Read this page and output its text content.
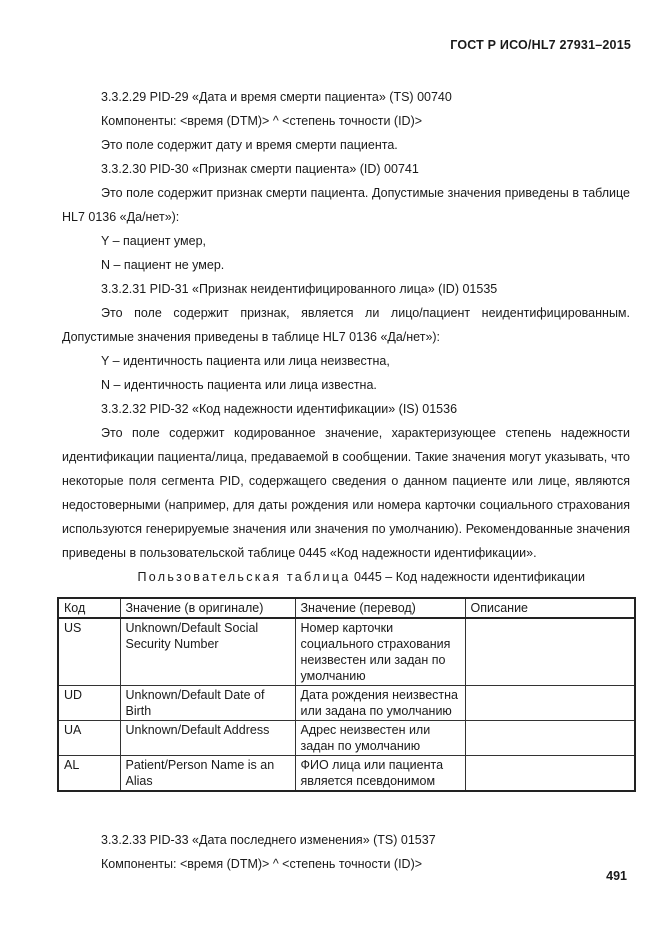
ГОСТ Р ИСО/HL7 27931–2015

3.3.2.29 PID-29 «Дата и время смерти пациента» (TS) 00740

Компоненты: <время (DTM)> ^ <степень точности (ID)>

Это поле содержит дату и время смерти пациента.

3.3.2.30 PID-30 «Признак смерти пациента» (ID) 00741

Это поле содержит признак смерти пациента. Допустимые значения приведены в таблице HL7 0136 «Да/нет»):

Y – пациент умер,

N – пациент не умер.

3.3.2.31 PID-31 «Признак неидентифицированного лица» (ID) 01535

Это поле содержит признак, является ли лицо/пациент неидентифицированным. Допустимые значения приведены в таблице HL7 0136 «Да/нет»):

Y – идентичность пациента или лица неизвестна,

N – идентичность пациента или лица известна.

3.3.2.32 PID-32 «Код надежности идентификации» (IS) 01536

Это поле содержит кодированное значение, характеризующее степень надежности идентификации пациента/лица, предаваемой в сообщении. Такие значения могут указывать, что некоторые поля сегмента PID, содержащего сведения о данном пациенте или лице, являются недостоверными (например, для даты рождения или номера карточки социального страхования используются генерируемые значения или значения по умолчанию). Рекомендованные значения приведены в пользовательской таблице 0445 «Код надежности идентификации».

Пользовательская таблица 0445 – Код надежности идентификации

Код	Значение (в оригинале)	Значение (перевод)	Описание
US	Unknown/Default Social Security Number	Номер карточки социального страхования неизвестен или задан по умолчанию	
UD	Unknown/Default Date of Birth	Дата рождения неизвестна или задана по умолчанию	
UA	Unknown/Default Address	Адрес неизвестен или задан по умолчанию	
AL	Patient/Person Name is an Alias	ФИО лица или пациента является псевдонимом	

3.3.2.33 PID-33 «Дата последнего изменения» (TS) 01537

Компоненты: <время (DTM)> ^ <степень точности (ID)>

491
